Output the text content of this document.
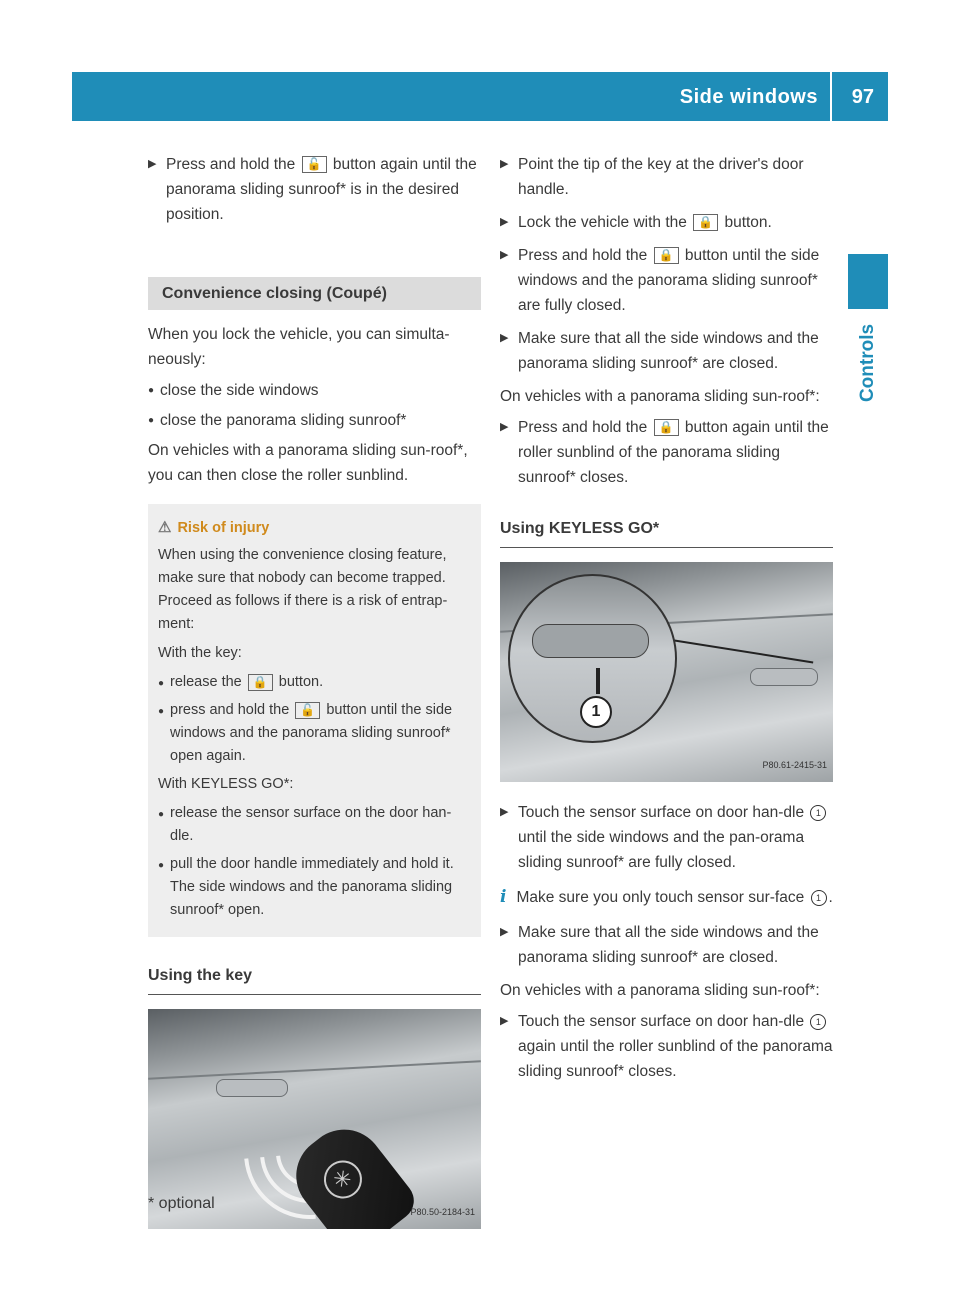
Side windows 97
Controls
▶ Press and hold the 🔓 button again until the panorama sliding sunroof* is in the desired position.
Convenience closing (Coupé)

When you lock the vehicle, you can simulta-neously:

● close the side windows
● close the panorama sliding sunroof*

On vehicles with a panorama sliding sun-roof*, you can then close the roller sunblind.

⚠ Risk of injury

When using the convenience closing feature, make sure that nobody can become trapped. Proceed as follows if there is a risk of entrap-ment:

With the key:

● release the 🔒 button.
● press and hold the 🔓 button until the side windows and the panorama sliding sunroof* open again.

With KEYLESS GO*:

● release the sensor surface on the door han-dle.
● pull the door handle immediately and hold it.
The side windows and the panorama sliding sunroof* open.
Using the key
✳
P80.50-2184-31
▶ Point the tip of the key at the driver's door handle.
▶ Lock the vehicle with the 🔒 button.
▶ Press and hold the 🔒 button until the side windows and the panorama sliding sunroof* are fully closed.
▶ Make sure that all the side windows and the panorama sliding sunroof* are closed.

On vehicles with a panorama sliding sun-roof*:

▶ Press and hold the 🔒 button again until the roller sunblind of the panorama sliding sunroof* closes.
Using KEYLESS GO*
1
P80.61-2415-31
▶ Touch the sensor surface on door han-dle 1 until the side windows and the pan-orama sliding sunroof* are fully closed.

i Make sure you only touch sensor sur-face 1 .

▶ Make sure that all the side windows and the panorama sliding sunroof* are closed.

On vehicles with a panorama sliding sun-roof*:

▶ Touch the sensor surface on door han-dle 1 again until the roller sunblind of the panorama sliding sunroof* closes.
* optional
